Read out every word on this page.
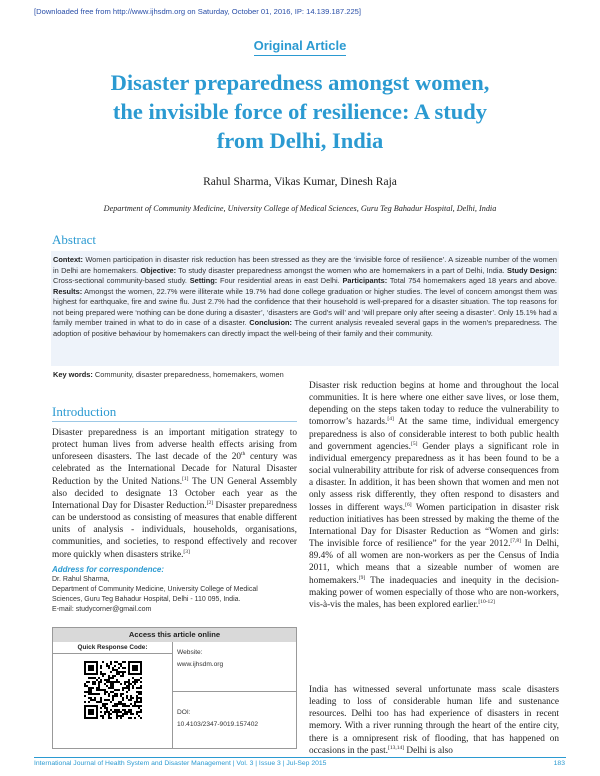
[Downloaded free from http://www.ijhsdm.org on Saturday, October 01, 2016, IP: 14.139.187.225]
Original Article
Disaster preparedness amongst women,
the invisible force of resilience: A study
from Delhi, India
Rahul Sharma, Vikas Kumar, Dinesh Raja
Department of Community Medicine, University College of Medical Sciences, Guru Teg Bahadur Hospital, Delhi, India
Abstract

Context: Women participation in disaster risk reduction has been stressed as they are the ‘invisible force of resilience’. A sizeable number of the women in Delhi are homemakers. Objective: To study disaster preparedness amongst the women who are homemakers in a part of Delhi, India. Study Design: Cross-sectional community-based study. Setting: Four residential areas in east Delhi. Participants: Total 754 homemakers aged 18 years and above. Results: Amongst the women, 22.7% were illiterate while 19.7% had done college graduation or higher studies. The level of concern amongst them was highest for earthquake, fire and swine flu. Just 2.7% had the confidence that their household is well-prepared for a disaster situation. The top reasons for not being prepared were ‘nothing can be done during a disaster’, ‘disasters are God’s will’ and ‘will prepare only after seeing a disaster’. Only 15.1% had a family member trained in what to do in case of a disaster. Conclusion: The current analysis revealed several gaps in the women’s preparedness. The adoption of positive behaviour by homemakers can directly impact the well-being of their family and their community.

Key words: Community, disaster preparedness, homemakers, women
Introduction

Disaster preparedness is an important mitigation strategy to protect human lives from adverse health effects arising from unforeseen disasters. The last decade of the 20th century was celebrated as the International Decade for Natural Disaster Reduction by the United Nations.[1] The UN General Assembly also decided to designate 13 October each year as the International Day for Disaster Reduction.[2] Disaster preparedness can be understood as consisting of measures that enable different units of analysis - individuals, households, organisations, communities, and societies, to respond effectively and recover more quickly when disasters strike.[3]

Disaster risk reduction begins at home and throughout the local communities. It is here where one either save lives, or lose them, depending on the steps taken today to reduce the vulnerability to tomorrow’s hazards.[4] At the same time, individual emergency preparedness is also of considerable interest to both public health and government agencies.[5] Gender plays a significant role in individual emergency preparedness as it has been found to be a social vulnerability attribute for risk of adverse consequences from a disaster. In addition, it has been shown that women and men not only assess risk differently, they often respond to disasters and losses in different ways.[6] Women participation in disaster risk reduction initiatives has been stressed by making the theme of the International Day for Disaster Reduction as “Women and girls: The invisible force of resilience” for the year 2012.[7,8] In Delhi, 89.4% of all women are non-workers as per the Census of India 2011, which means that a sizeable number of women are homemakers.[9] The inadequacies and inequity in the decision-making power of women especially of those who are non-workers, vis-à-vis the males, has been explored earlier.[10-12]

India has witnessed several unfortunate mass scale disasters leading to loss of considerable human life and sustenance resources. Delhi too has had experience of disasters in recent memory. With a river running through the heart of the entire city, there is a omnipresent risk of flooding, that has happened on occasions in the past.[13,14] Delhi is also

Address for correspondence:
Dr. Rahul Sharma,
Department of Community Medicine, University College of Medical
Sciences, Guru Teg Bahadur Hospital, Delhi - 110 095, India.
E-mail: studycorner@gmail.com
Access this article online
Quick Response Code:
Website:
www.ijhsdm.org
DOI:
10.4103/2347-9019.157402
International Journal of Health System and Disaster Management | Vol. 3 | Issue 3 | Jul-Sep 2015	183
